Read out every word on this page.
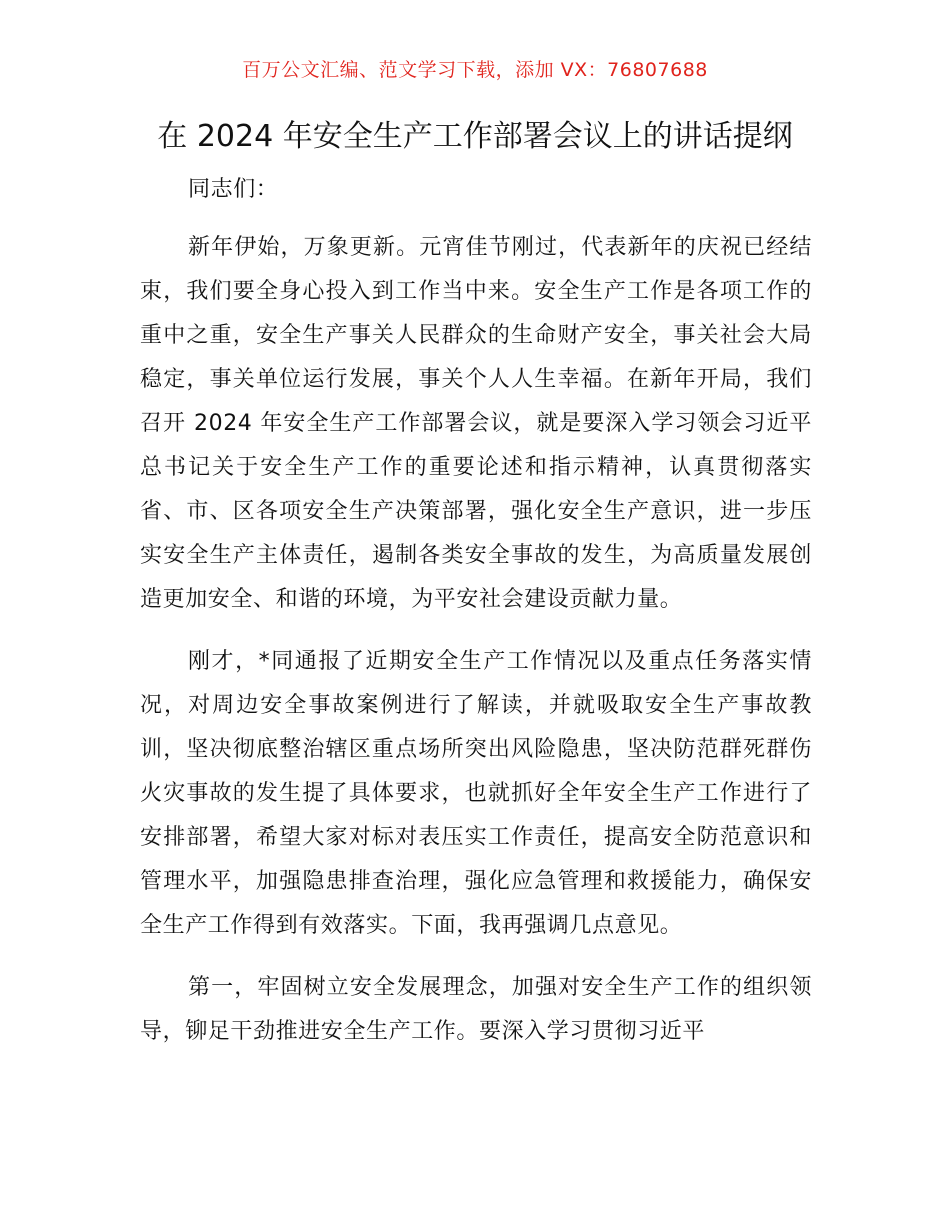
百万公文汇编、范文学习下载，添加 VX：76807688
在 2024 年安全生产工作部署会议上的讲话提纲

同志们：

新年伊始，万象更新。元宵佳节刚过，代表新年的庆祝已经结束，我们要全身心投入到工作当中来。安全生产工作是各项工作的重中之重，安全生产事关人民群众的生命财产安全，事关社会大局稳定，事关单位运行发展，事关个人人生幸福。在新年开局，我们召开 2024 年安全生产工作部署会议，就是要深入学习领会习近平总书记关于安全生产工作的重要论述和指示精神，认真贯彻落实省、市、区各项安全生产决策部署，强化安全生产意识，进一步压实安全生产主体责任，遏制各类安全事故的发生，为高质量发展创造更加安全、和谐的环境，为平安社会建设贡献力量。

刚才，*同通报了近期安全生产工作情况以及重点任务落实情况，对周边安全事故案例进行了解读，并就吸取安全生产事故教训，坚决彻底整治辖区重点场所突出风险隐患，坚决防范群死群伤火灾事故的发生提了具体要求，也就抓好全年安全生产工作进行了安排部署，希望大家对标对表压实工作责任，提高安全防范意识和管理水平，加强隐患排查治理，强化应急管理和救援能力，确保安全生产工作得到有效落实。下面，我再强调几点意见。

第一，牢固树立安全发展理念，加强对安全生产工作的组织领导，铆足干劲推进安全生产工作。要深入学习贯彻习近平
